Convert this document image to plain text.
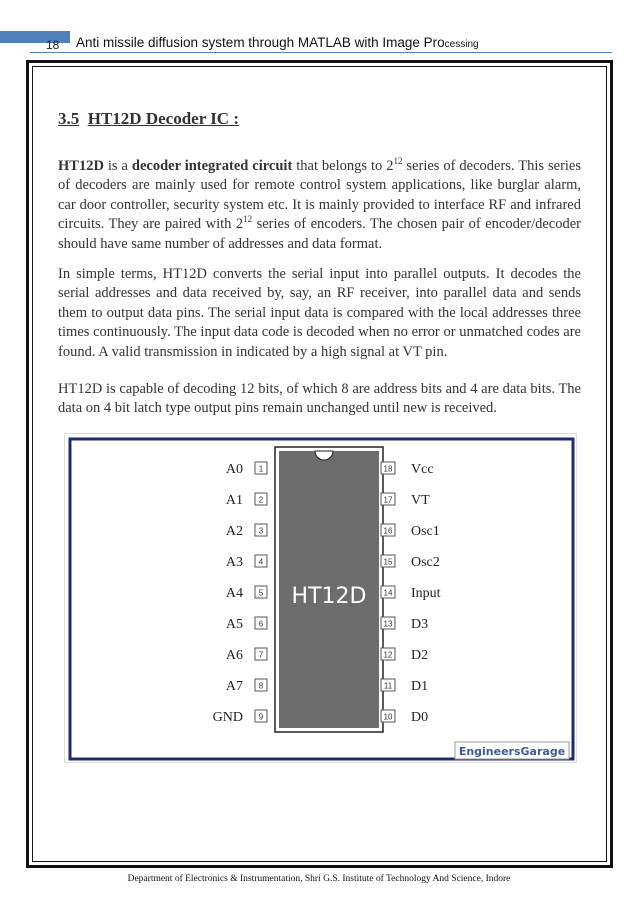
18 Anti missile diffusion system through MATLAB with Image Processing
3.5 HT12D Decoder IC :

HT12D is a decoder integrated circuit that belongs to $2^{12}$ series of decoders. This series of decoders are mainly used for remote control system applications, like burglar alarm, car door controller, security system etc. It is mainly provided to interface RF and infrared circuits. They are paired with $2^{12}$ series of encoders. The chosen pair of encoder/decoder should have same number of addresses and data format.

In simple terms, HT12D converts the serial input into parallel outputs. It decodes the serial addresses and data received by, say, an RF receiver, into parallel data and sends them to output data pins. The serial input data is compared with the local addresses three times continuously. The input data code is decoded when no error or unmatched codes are found. A valid transmission in indicated by a high signal at VT pin.

HT12D is capable of decoding 12 bits, of which 8 are address bits and 4 are data bits. The data on 4 bit latch type output pins remain unchanged until new is received.

HT12D
A0 1
A1 2
A2 3
A3 4
A4 5
A5 6
A6 7
A7 8
GND 9
18 Vcc
17 VT
16 Osc1
15 Osc2
14 Input
13 D3
12 D2
11 D1
10 D0
EngineersGarage
Department of Electronics & Instrumentation, Shri G.S. Institute of Technology And Science, Indore
